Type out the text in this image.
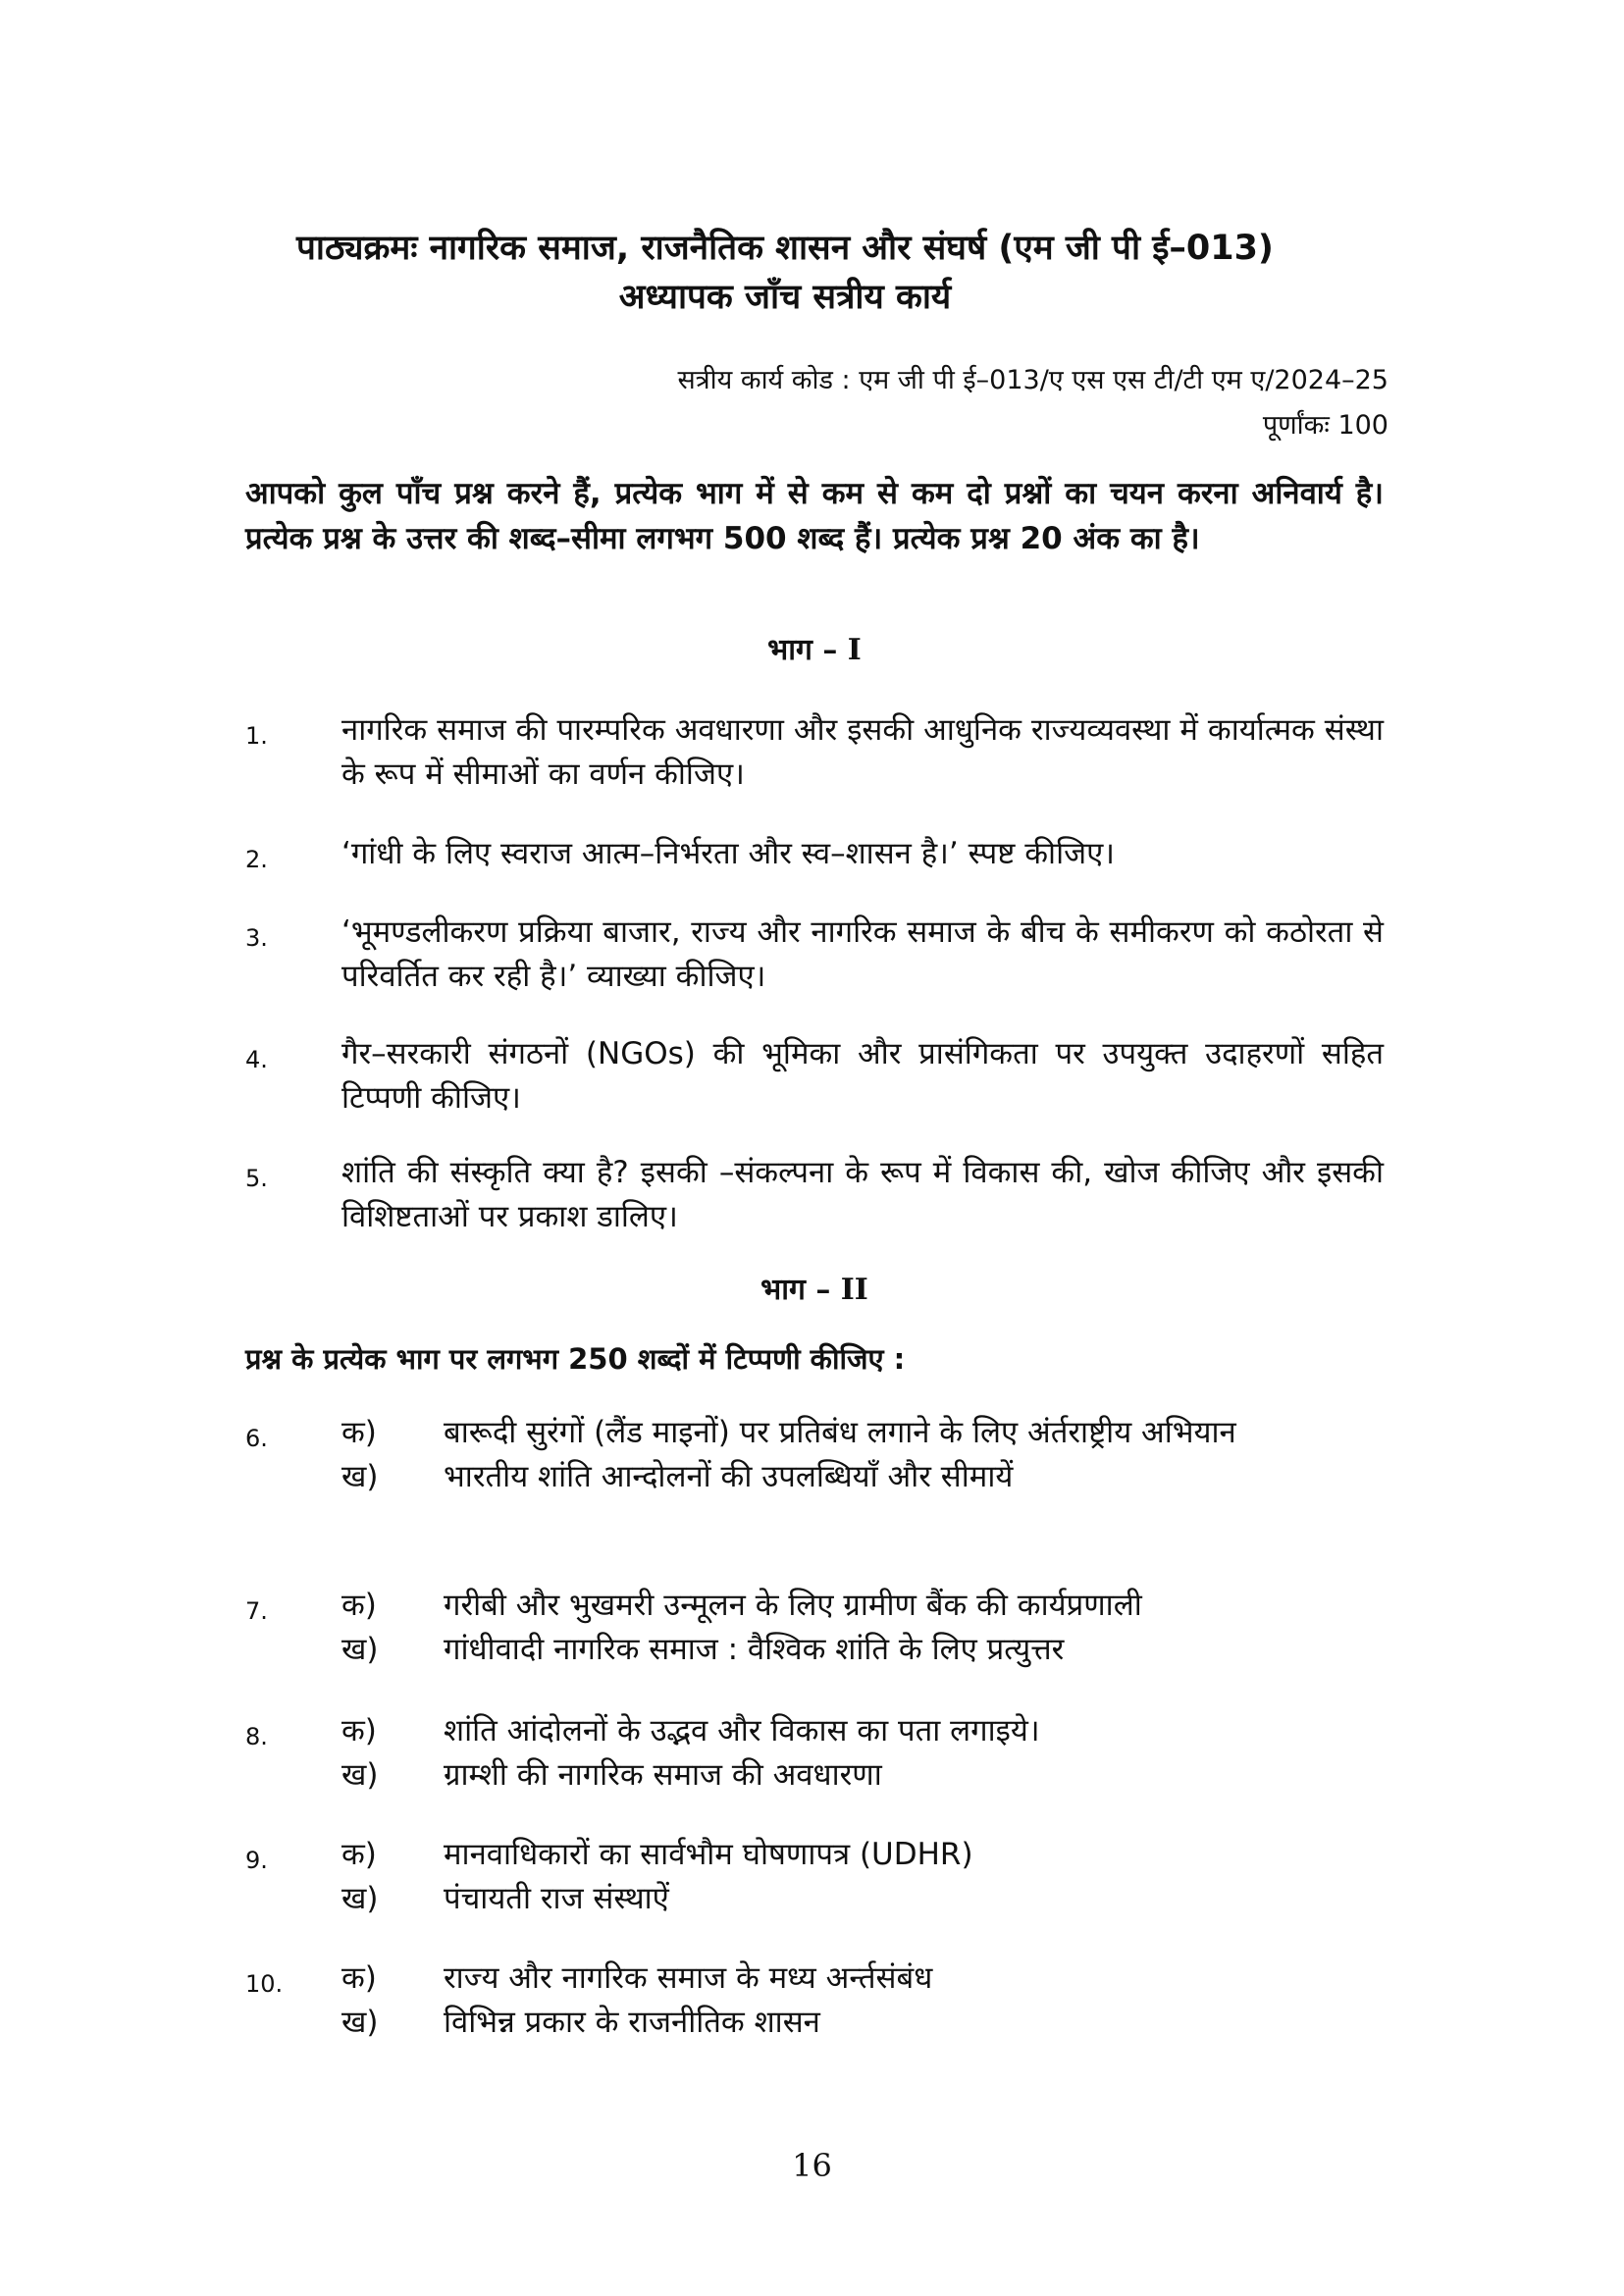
पाठ्यक्रमः नागरिक समाज, राजनैतिक शासन और संघर्ष (एम जी पी ई–013)
अध्यापक जाँच सत्रीय कार्य
सत्रीय कार्य कोड : एम जी पी ई–013/ए एस एस टी/टी एम ए/2024–25
पूर्णांकः 100
आपको कुल पाँच प्रश्न करने हैं, प्रत्येक भाग में से कम से कम दो प्रश्नों का चयन करना अनिवार्य है। प्रत्येक प्रश्न के उत्तर की शब्द–सीमा लगभग 500 शब्द हैं। प्रत्येक प्रश्न 20 अंक का है।
भाग – I
1.	नागरिक समाज की पारम्परिक अवधारणा और इसकी आधुनिक राज्यव्यवस्था में कार्यात्मक संस्था के रूप में सीमाओं का वर्णन कीजिए।
2.	‘गांधी के लिए स्वराज आत्म–निर्भरता और स्व–शासन है।’ स्पष्ट कीजिए।
3.	‘भूमण्डलीकरण प्रक्रिया बाजार, राज्य और नागरिक समाज के बीच के समीकरण को कठोरता से परिवर्तित कर रही है।’ व्याख्या कीजिए।
4.	गैर–सरकारी संगठनों (NGOs) की भूमिका और प्रासंगिकता पर उपयुक्त उदाहरणों सहित टिप्पणी कीजिए।
5.	शांति की संस्कृति क्या है? इसकी –संकल्पना के रूप में विकास की, खोज कीजिए और इसकी विशिष्टताओं पर प्रकाश डालिए।
भाग – II
प्रश्न के प्रत्येक भाग पर लगभग 250 शब्दों में टिप्पणी कीजिए :
6.	क)	बारूदी सुरंगों (लैंड माइनों) पर प्रतिबंध लगाने के लिए अंर्तराष्ट्रीय अभियान
ख)	भारतीय शांति आन्दोलनों की उपलब्धियाँ और सीमायें
7.	क)	गरीबी और भुखमरी उन्मूलन के लिए ग्रामीण बैंक की कार्यप्रणाली
ख)	गांधीवादी नागरिक समाज : वैश्विक शांति के लिए प्रत्युत्तर
8.	क)	शांति आंदोलनों के उद्भव और विकास का पता लगाइये।
ख)	ग्राम्शी की नागरिक समाज की अवधारणा
9.	क)	मानवाधिकारों का सार्वभौम घोषणापत्र (UDHR)
ख)	पंचायती राज संस्थाऐं
10.	क)	राज्य और नागरिक समाज के मध्य अर्न्तसंबंध
ख)	विभिन्न प्रकार के राजनीतिक शासन
16
